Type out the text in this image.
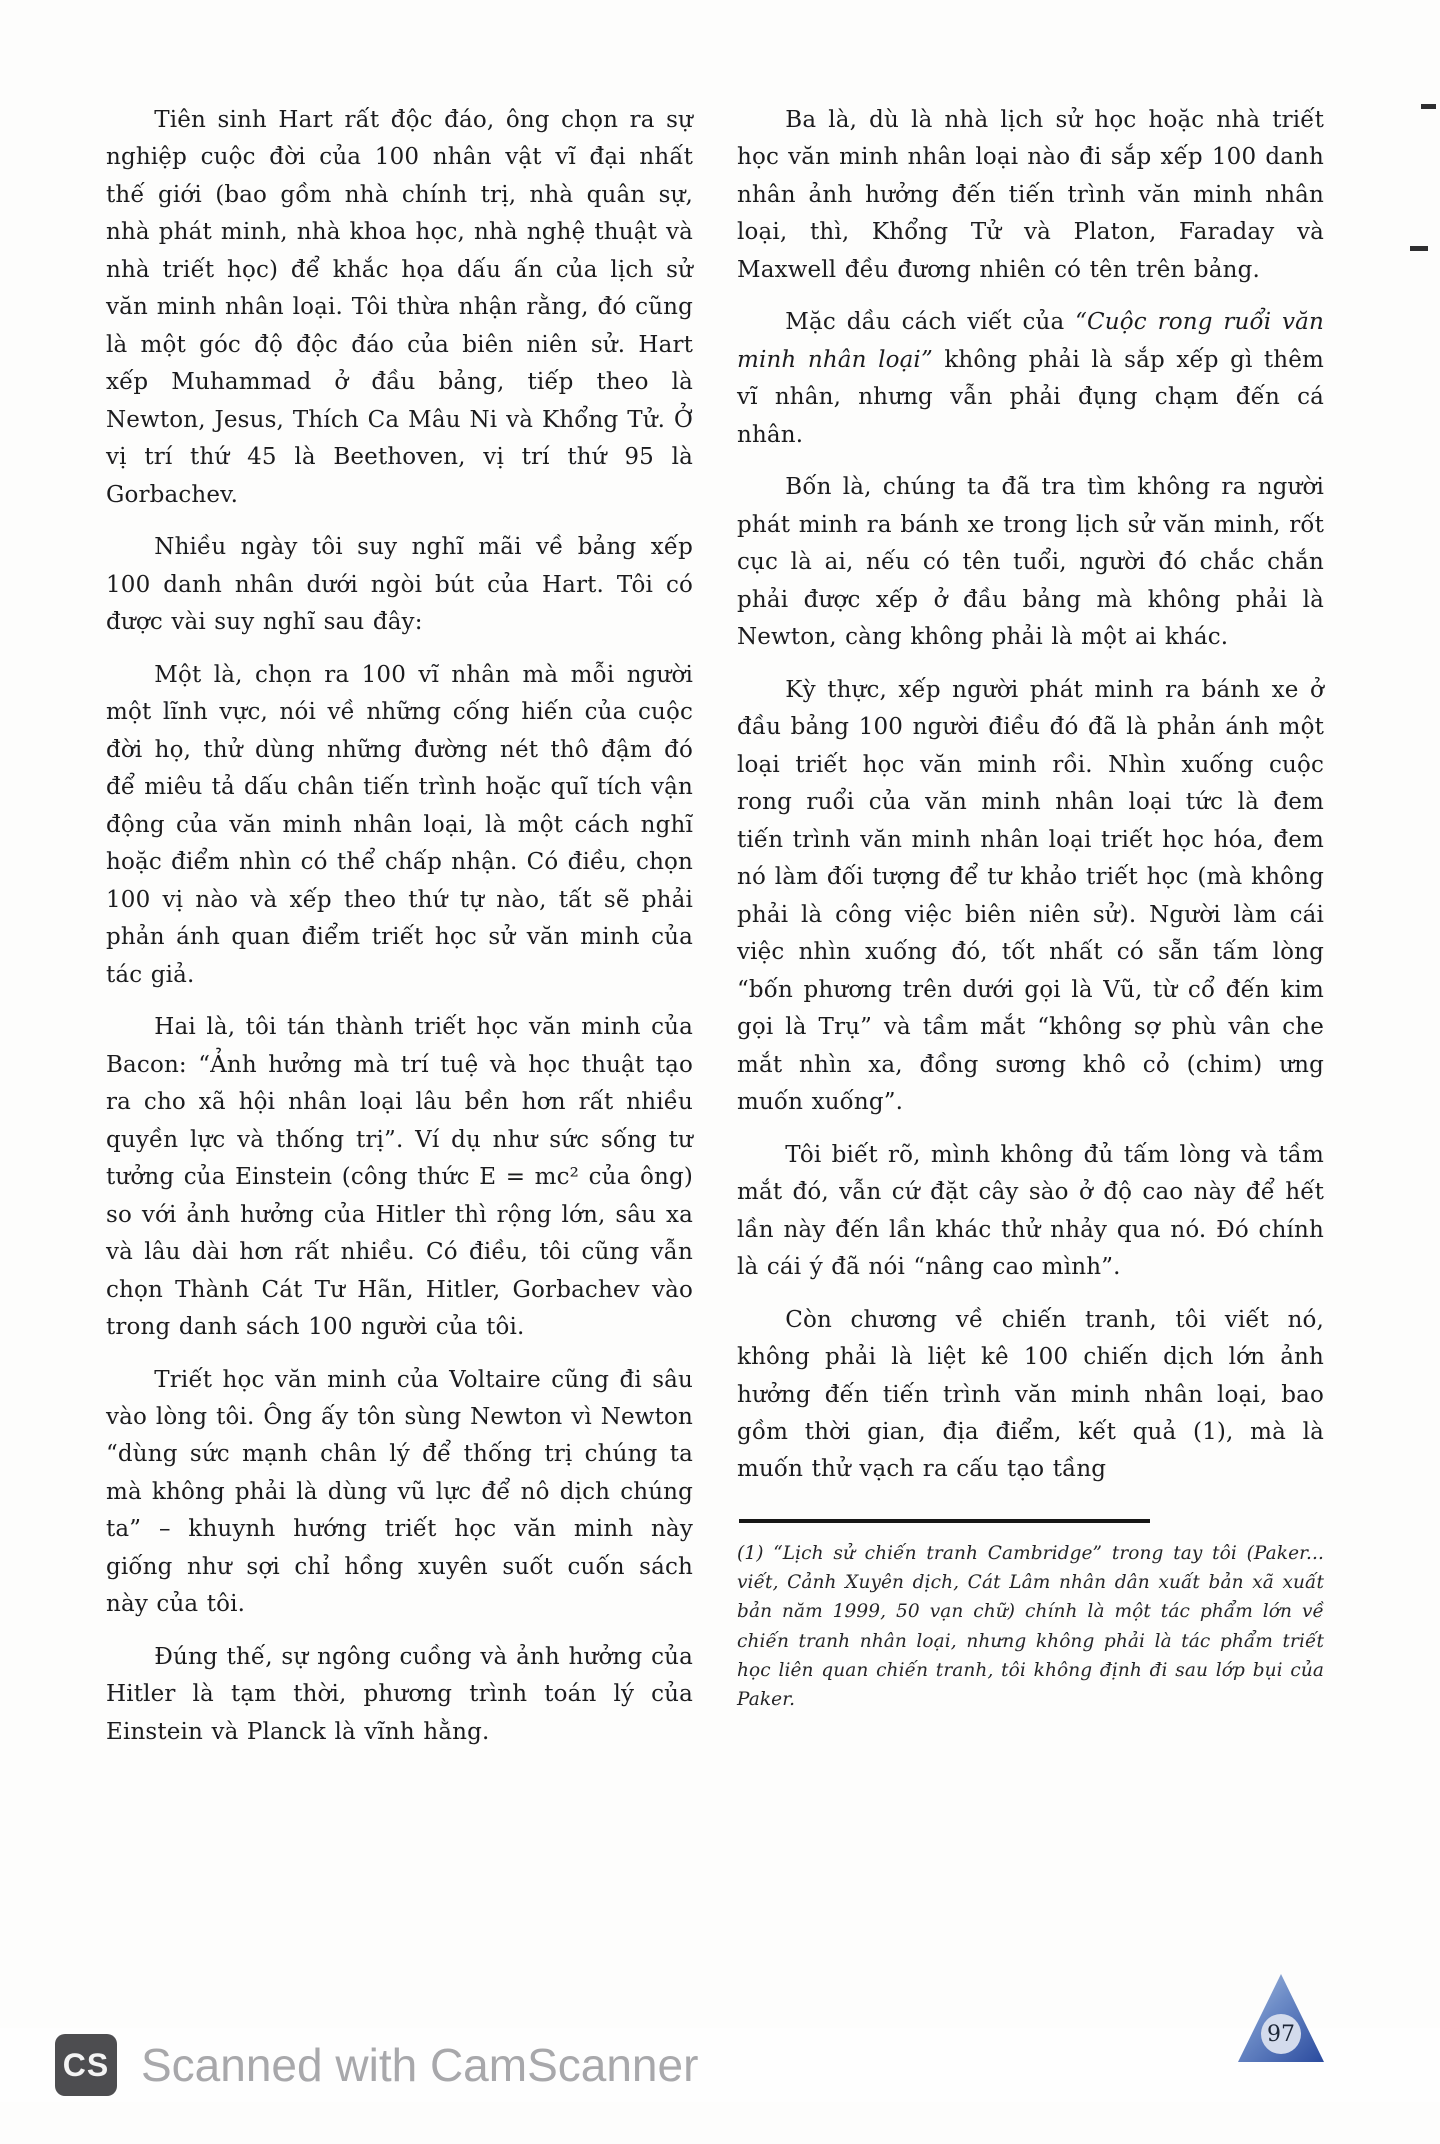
Tiên sinh Hart rất độc đáo, ông chọn ra sự nghiệp cuộc đời của 100 nhân vật vĩ đại nhất thế giới (bao gồm nhà chính trị, nhà quân sự, nhà phát minh, nhà khoa học, nhà nghệ thuật và nhà triết học) để khắc họa dấu ấn của lịch sử văn minh nhân loại. Tôi thừa nhận rằng, đó cũng là một góc độ độc đáo của biên niên sử. Hart xếp Muhammad ở đầu bảng, tiếp theo là Newton, Jesus, Thích Ca Mâu Ni và Khổng Tử. Ở vị trí thứ 45 là Beethoven, vị trí thứ 95 là Gorbachev.

Nhiều ngày tôi suy nghĩ mãi về bảng xếp 100 danh nhân dưới ngòi bút của Hart. Tôi có được vài suy nghĩ sau đây:

Một là, chọn ra 100 vĩ nhân mà mỗi người một lĩnh vực, nói về những cống hiến của cuộc đời họ, thử dùng những đường nét thô đậm đó để miêu tả dấu chân tiến trình hoặc quĩ tích vận động của văn minh nhân loại, là một cách nghĩ hoặc điểm nhìn có thể chấp nhận. Có điều, chọn 100 vị nào và xếp theo thứ tự nào, tất sẽ phải phản ánh quan điểm triết học sử văn minh của tác giả.

Hai là, tôi tán thành triết học văn minh của Bacon: “Ảnh hưởng mà trí tuệ và học thuật tạo ra cho xã hội nhân loại lâu bền hơn rất nhiều quyền lực và thống trị”. Ví dụ như sức sống tư tưởng của Einstein (công thức E = mc² của ông) so với ảnh hưởng của Hitler thì rộng lớn, sâu xa và lâu dài hơn rất nhiều. Có điều, tôi cũng vẫn chọn Thành Cát Tư Hãn, Hitler, Gorbachev vào trong danh sách 100 người của tôi.

Triết học văn minh của Voltaire cũng đi sâu vào lòng tôi. Ông ấy tôn sùng Newton vì Newton “dùng sức mạnh chân lý để thống trị chúng ta mà không phải là dùng vũ lực để nô dịch chúng ta” – khuynh hướng triết học văn minh này giống như sợi chỉ hồng xuyên suốt cuốn sách này của tôi.

Đúng thế, sự ngông cuồng và ảnh hưởng của Hitler là tạm thời, phương trình toán lý của Einstein và Planck là vĩnh hằng.

Ba là, dù là nhà lịch sử học hoặc nhà triết học văn minh nhân loại nào đi sắp xếp 100 danh nhân ảnh hưởng đến tiến trình văn minh nhân loại, thì, Khổng Tử và Platon, Faraday và Maxwell đều đương nhiên có tên trên bảng.

Mặc dầu cách viết của “Cuộc rong ruổi văn minh nhân loại” không phải là sắp xếp gì thêm vĩ nhân, nhưng vẫn phải đụng chạm đến cá nhân.

Bốn là, chúng ta đã tra tìm không ra người phát minh ra bánh xe trong lịch sử văn minh, rốt cục là ai, nếu có tên tuổi, người đó chắc chắn phải được xếp ở đầu bảng mà không phải là Newton, càng không phải là một ai khác.

Kỳ thực, xếp người phát minh ra bánh xe ở đầu bảng 100 người điều đó đã là phản ánh một loại triết học văn minh rồi. Nhìn xuống cuộc rong ruổi của văn minh nhân loại tức là đem tiến trình văn minh nhân loại triết học hóa, đem nó làm đối tượng để tư khảo triết học (mà không phải là công việc biên niên sử). Người làm cái việc nhìn xuống đó, tốt nhất có sẵn tấm lòng “bốn phương trên dưới gọi là Vũ, từ cổ đến kim gọi là Trụ” và tầm mắt “không sợ phù vân che mắt nhìn xa, đồng sương khô cỏ (chim) ưng muốn xuống”.

Tôi biết rõ, mình không đủ tấm lòng và tầm mắt đó, vẫn cứ đặt cây sào ở độ cao này để hết lần này đến lần khác thử nhảy qua nó. Đó chính là cái ý đã nói “nâng cao mình”.

Còn chương về chiến tranh, tôi viết nó, không phải là liệt kê 100 chiến dịch lớn ảnh hưởng đến tiến trình văn minh nhân loại, bao gồm thời gian, địa điểm, kết quả (1), mà là muốn thử vạch ra cấu tạo tầng

(1) “Lịch sử chiến tranh Cambridge” trong tay tôi (Paker... viết, Cảnh Xuyên dịch, Cát Lâm nhân dân xuất bản xã xuất bản năm 1999, 50 vạn chữ) chính là một tác phẩm lớn về chiến tranh nhân loại, nhưng không phải là tác phẩm triết học liên quan chiến tranh, tôi không định đi sau lớp bụi của Paker.
CS Scanned with CamScanner
97
